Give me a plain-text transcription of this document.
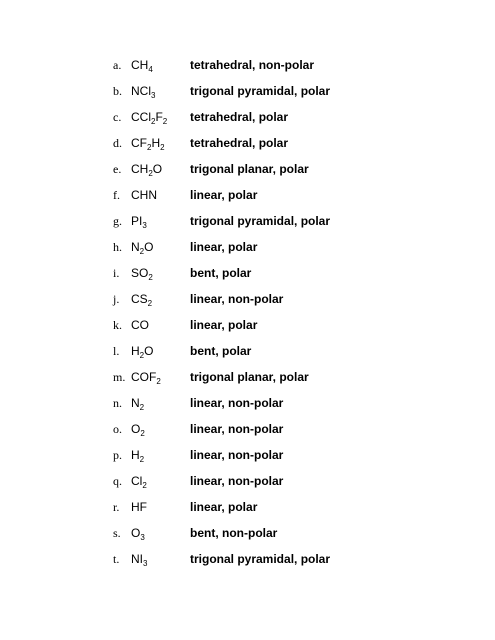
a. $CH_4$	tetrahedral, non-polar
b. NCl$_3$	trigonal pyramidal, polar
c. $CCl_2F_2$ tetrahedral, polar
d. $CF_2H_2$ tetrahedral, polar
e. $CH_2O$ trigonal planar, polar
f. CHN	linear, polar
g. $PI_3$	trigonal pyramidal, polar
h. $N_2O$	linear, polar
i. $SO_2$	bent, polar
j. $CS_2$	linear, non-polar
k. CO	linear, polar
l. $H_2O$	bent, polar
m. $COF_2$ trigonal planar, polar
n. $N_2$	linear, non-polar
o. $O_2$	linear, non-polar
p. $H_2$	linear, non-polar
q. $Cl_2$	linear, non-polar
r. HF	linear, polar
s. $O_3$	bent, non-polar
t. $NI_3$	trigonal pyramidal, polar
